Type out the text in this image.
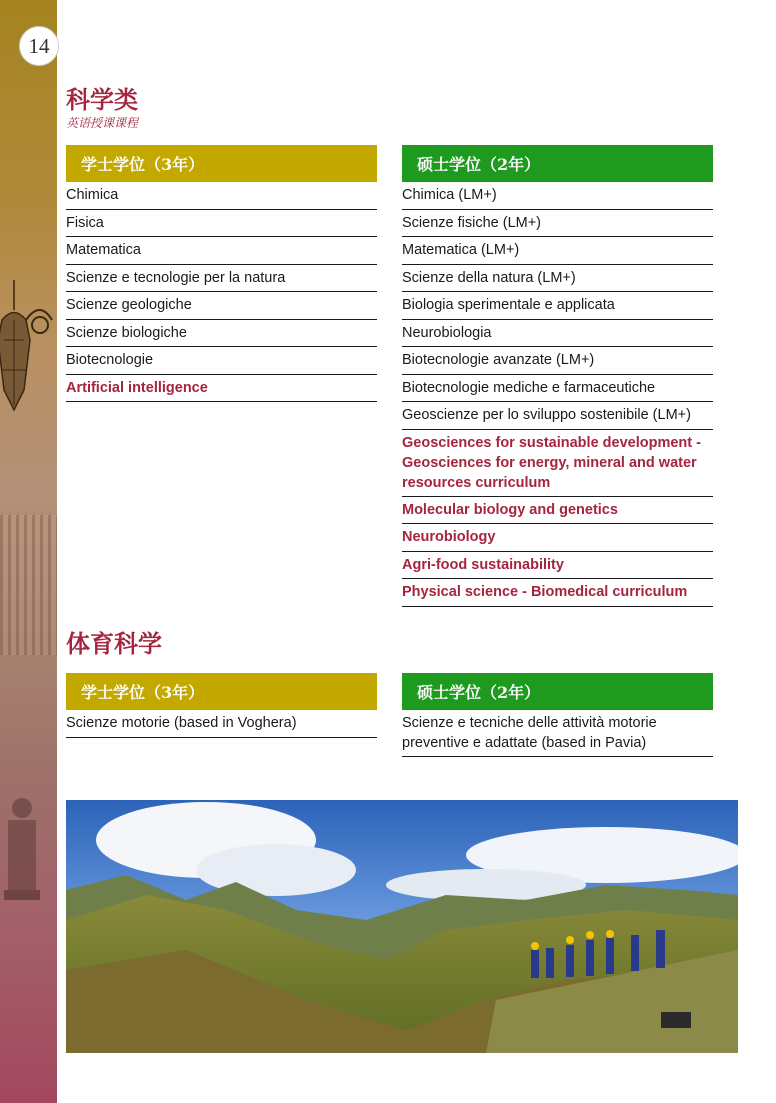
14
科学类
英语授课课程
学士学位（3年）
Chimica
Fisica
Matematica
Scienze e tecnologie per la natura
Scienze geologiche
Scienze biologiche
Biotecnologie
Artificial intelligence
硕士学位（2年）
Chimica (LM+)
Scienze fisiche (LM+)
Matematica (LM+)
Scienze della natura (LM+)
Biologia sperimentale e applicata
Neurobiologia
Biotecnologie avanzate (LM+)
Biotecnologie mediche e farmaceutiche
Geoscienze per lo sviluppo sostenibile (LM+)
Geosciences for sustainable development - Geosciences for energy, mineral and water resources curriculum
Molecular biology and genetics
Neurobiology
Agri-food sustainability
Physical science - Biomedical curriculum
体育科学
学士学位（3年）
Scienze motorie (based in Voghera)
硕士学位（2年）
Scienze e tecniche delle attività motorie preventive e adattate (based in Pavia)
